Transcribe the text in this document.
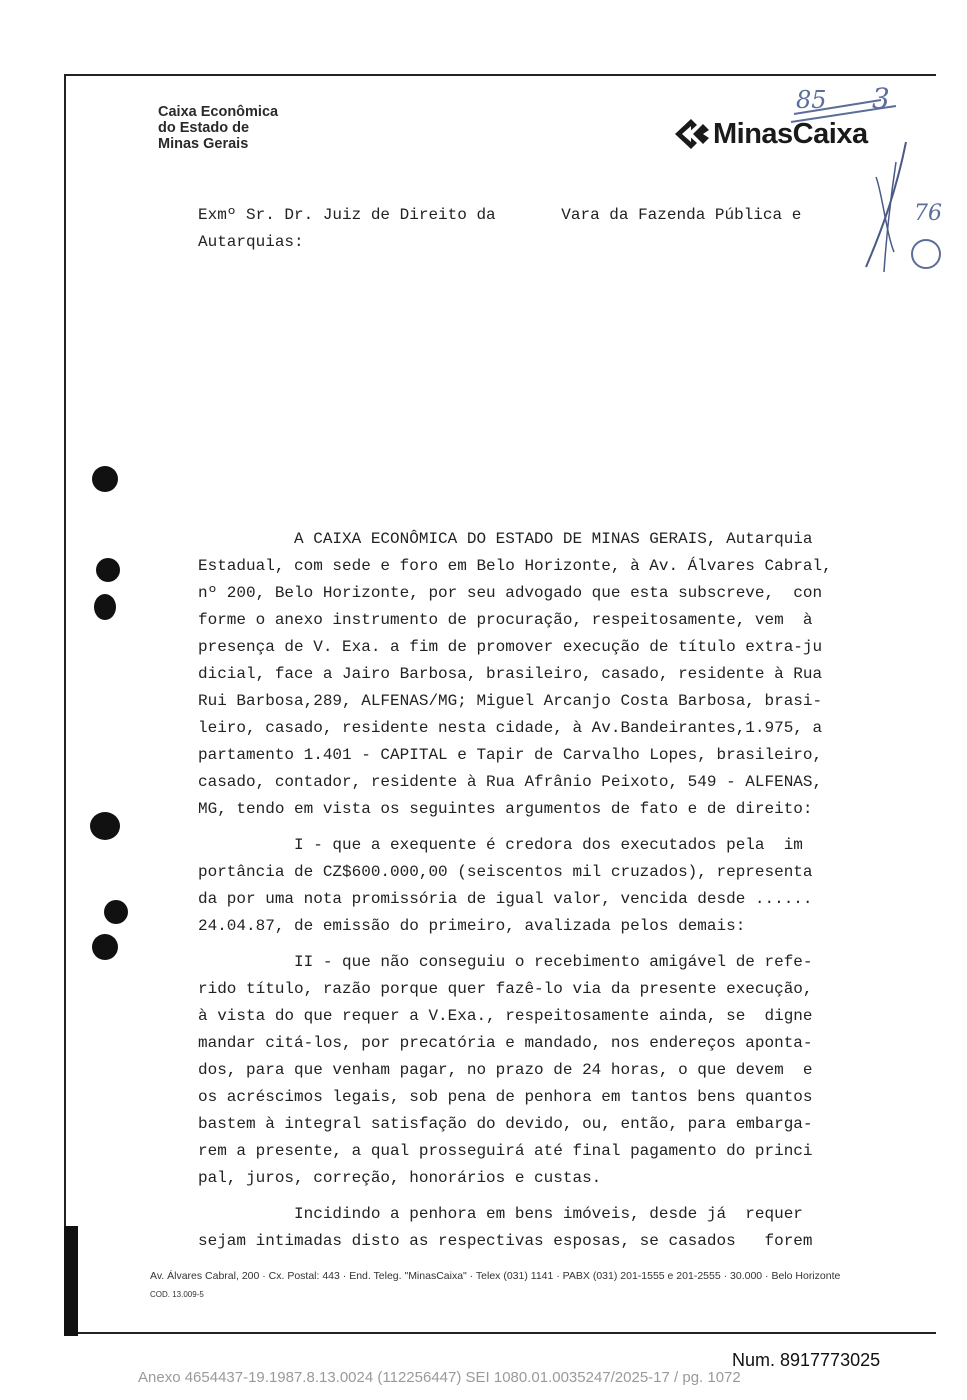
Caixa Econômica
do Estado de
Minas Gerais	MinasCaixa
85 3
76
Exmº Sr. Dr. Juiz de Direito da	Vara da Fazenda Pública e
Autarquias:
A CAIXA ECONÔMICA DO ESTADO DE MINAS GERAIS, Autarquia
Estadual, com sede e foro em Belo Horizonte, à Av. Álvares Cabral,
nº 200, Belo Horizonte, por seu advogado que esta subscreve,  con
forme o anexo instrumento de procuração, respeitosamente, vem  à
presença de V. Exa. a fim de promover execução de título extra-ju
dicial, face a Jairo Barbosa, brasileiro, casado, residente à Rua
Rui Barbosa,289, ALFENAS/MG; Miguel Arcanjo Costa Barbosa, brasi-
leiro, casado, residente nesta cidade, à Av.Bandeirantes,1.975, a
partamento 1.401 - CAPITAL e Tapir de Carvalho Lopes, brasileiro,
casado, contador, residente à Rua Afrânio Peixoto, 549 - ALFENAS,
MG, tendo em vista os seguintes argumentos de fato e de direito:
I - que a exequente é credora dos executados pela  im
portância de CZ$600.000,00 (seiscentos mil cruzados), representa
da por uma nota promissória de igual valor, vencida desde ......
24.04.87, de emissão do primeiro, avalizada pelos demais:
II - que não conseguiu o recebimento amigável de refe-
rido título, razão porque quer fazê-lo via da presente execução,
à vista do que requer a V.Exa., respeitosamente ainda, se  digne
mandar citá-los, por precatória e mandado, nos endereços aponta-
dos, para que venham pagar, no prazo de 24 horas, o que devem  e
os acréscimos legais, sob pena de penhora em tantos bens quantos
bastem à integral satisfação do devido, ou, então, para embarga-
rem a presente, a qual prosseguirá até final pagamento do princi
pal, juros, correção, honorários e custas.
Incidindo a penhora em bens imóveis, desde já  requer
sejam intimadas disto as respectivas esposas, se casados   forem
Av. Álvares Cabral, 200 · Cx. Postal: 443 · End. Teleg. "MinasCaixa" · Telex (031) 1141 · PABX (031) 201-1555 e 201-2555 · 30.000 · Belo Horizonte
COD. 13.009-5
Num. 8917773025
Anexo 4654437-19.1987.8.13.0024 (112256447) SEI 1080.01.0035247/2025-17 / pg. 1072
